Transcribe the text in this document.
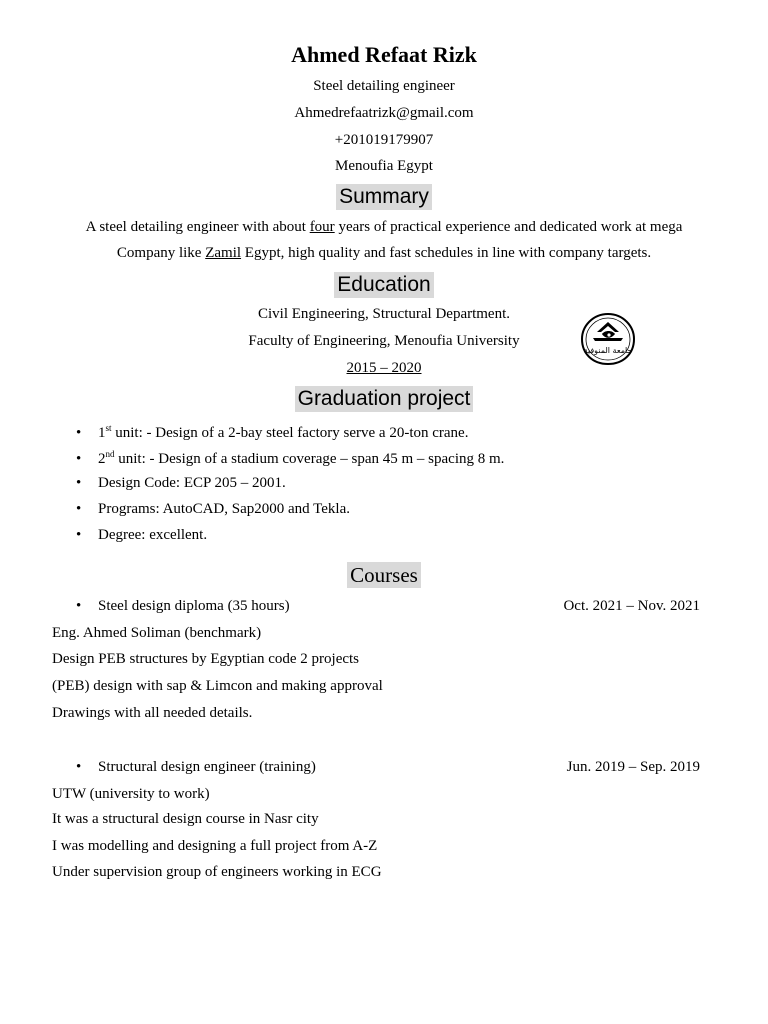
Ahmed Refaat Rizk
Steel detailing engineer
Ahmedrefaatrizk@gmail.com
+201019179907
Menoufia Egypt
Summary
A steel detailing engineer with about four years of practical experience and dedicated work at mega
Company like Zamil Egypt, high quality and fast schedules in line with company targets.
Education
Civil Engineering, Structural Department.
Faculty of Engineering, Menoufia University
2015 – 2020
جامعة المنوفية
Graduation project
• 1st unit: - Design of a 2-bay steel factory serve a 20-ton crane.
• 2nd unit: - Design of a stadium coverage – span 45 m – spacing 8 m.
• Design Code: ECP 205 – 2001.
• Programs: AutoCAD, Sap2000 and Tekla.
• Degree: excellent.
Courses
• Steel design diploma (35 hours)	Oct. 2021 – Nov. 2021
Eng. Ahmed Soliman (benchmark)
Design PEB structures by Egyptian code 2 projects
(PEB) design with sap & Limcon and making approval
Drawings with all needed details.
• Structural design engineer (training)	Jun. 2019 – Sep. 2019
UTW (university to work)
It was a structural design course in Nasr city
I was modelling and designing a full project from A-Z
Under supervision group of engineers working in ECG
